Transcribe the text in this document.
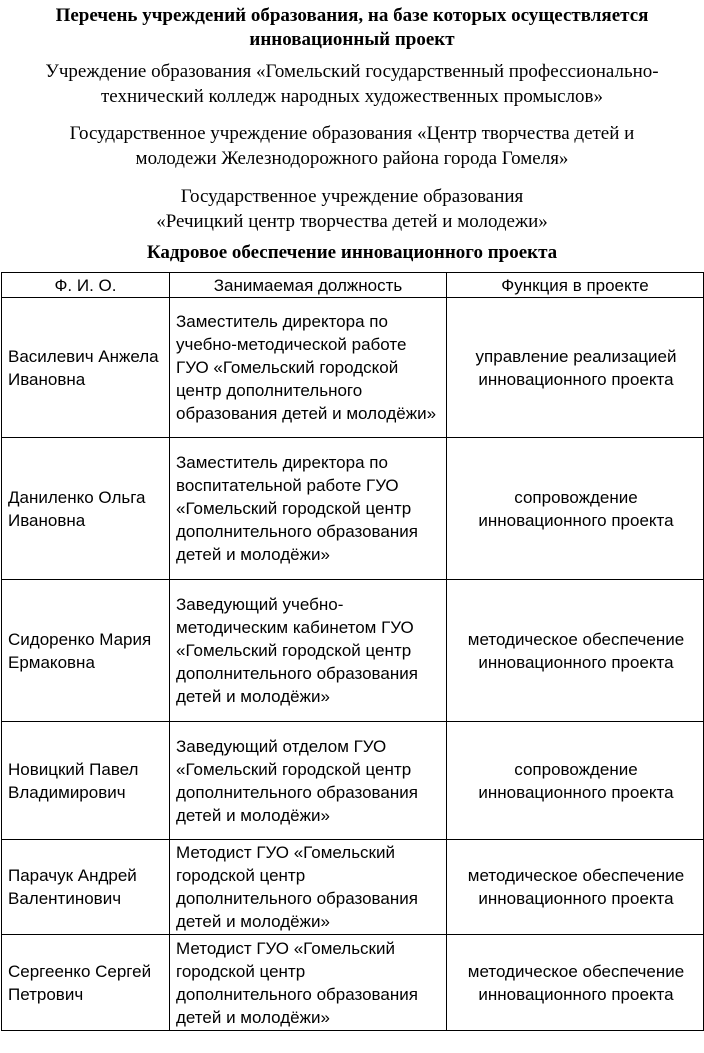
Перечень учреждений образования, на базе которых осуществляется инновационный проект
Учреждение образования «Гомельский государственный профессионально-технический колледж народных художественных промыслов»
Государственное учреждение образования «Центр творчества детей и молодежи Железнодорожного района города Гомеля»
Государственное учреждение образования «Речицкий центр творчества детей и молодежи»
Кадровое обеспечение инновационного проекта
Ф. И. О.	Занимаемая должность	Функция в проекте
Василевич Анжела Ивановна	Заместитель директора по учебно-методической работе ГУО «Гомельский городской центр дополнительного образования детей и молодёжи»	управление реализацией инновационного проекта
Даниленко Ольга Ивановна	Заместитель директора по воспитательной работе ГУО «Гомельский городской центр дополнительного образования детей и молодёжи»	сопровождение инновационного проекта
Сидоренко Мария Ермаковна	Заведующий учебно-методическим кабинетом ГУО «Гомельский городской центр дополнительного образования детей и молодёжи»	методическое обеспечение инновационного проекта
Новицкий Павел Владимирович	Заведующий отделом ГУО «Гомельский городской центр дополнительного образования детей и молодёжи»	сопровождение инновационного проекта
Парачук Андрей Валентинович	Методист ГУО «Гомельский городской центр дополнительного образования детей и молодёжи»	методическое обеспечение инновационного проекта
Сергеенко Сергей Петрович	Методист ГУО «Гомельский городской центр дополнительного образования детей и молодёжи»	методическое обеспечение инновационного проекта
